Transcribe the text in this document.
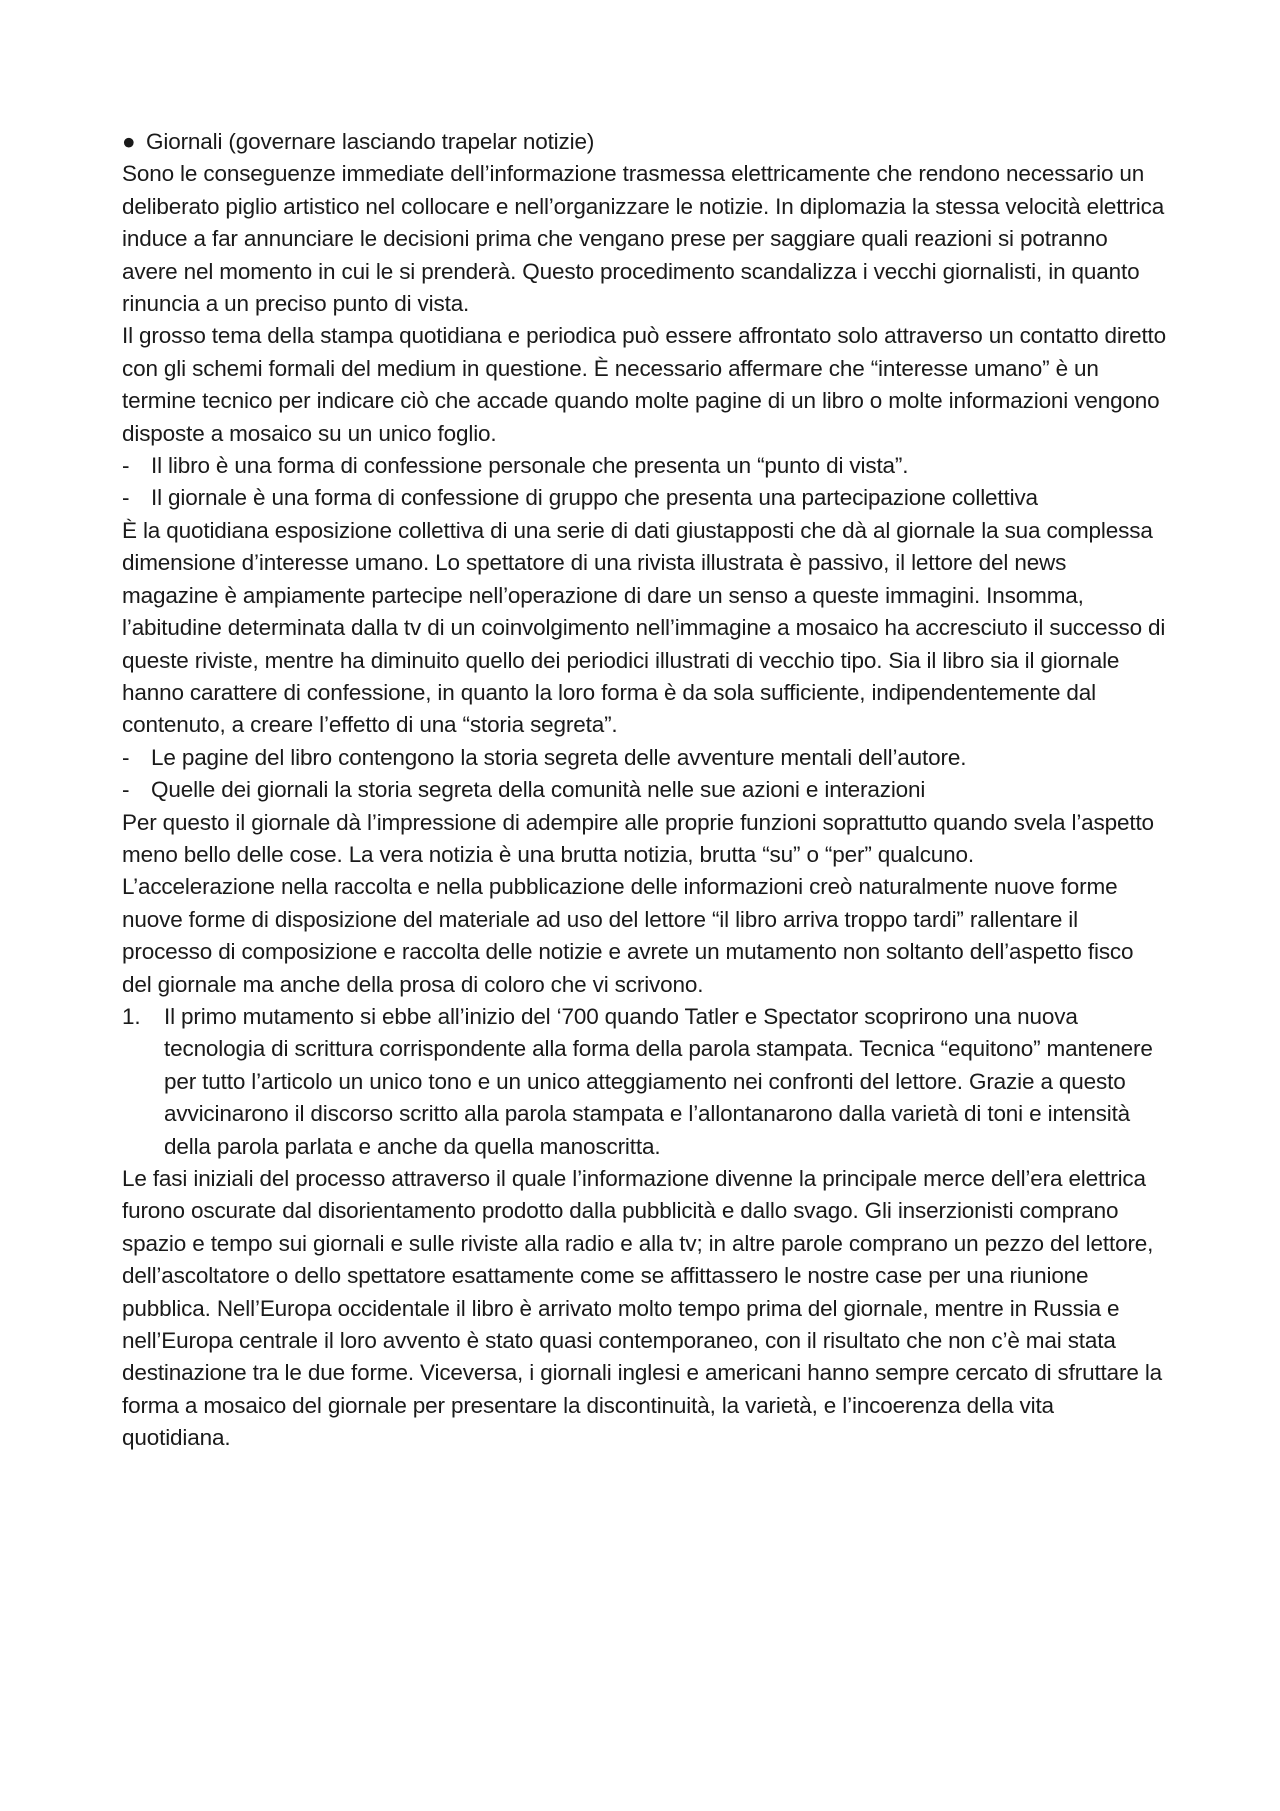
● Giornali (governare lasciando trapelar notizie)

Sono le conseguenze immediate dell’informazione trasmessa elettricamente che rendono necessario un deliberato piglio artistico nel collocare e nell’organizzare le notizie. In diplomazia la stessa velocità elettrica induce a far annunciare le decisioni prima che vengano prese per saggiare quali reazioni si potranno avere nel momento in cui le si prenderà. Questo procedimento scandalizza i vecchi giornalisti, in quanto rinuncia a un preciso punto di vista.

Il grosso tema della stampa quotidiana e periodica può essere affrontato solo attraverso un contatto diretto con gli schemi formali del medium in questione. È necessario affermare che “interesse umano” è un termine tecnico per indicare ciò che accade quando molte pagine di un libro o molte informazioni vengono disposte a mosaico su un unico foglio.

- Il libro è una forma di confessione personale che presenta un “punto di vista”.
- Il giornale è una forma di confessione di gruppo che presenta una partecipazione collettiva

È la quotidiana esposizione collettiva di una serie di dati giustapposti che dà al giornale la sua complessa dimensione d’interesse umano. Lo spettatore di una rivista illustrata è passivo, il lettore del news magazine è ampiamente partecipe nell’operazione di dare un senso a queste immagini. Insomma, l’abitudine determinata dalla tv di un coinvolgimento nell’immagine a mosaico ha accresciuto il successo di queste riviste, mentre ha diminuito quello dei periodici illustrati di vecchio tipo. Sia il libro sia il giornale hanno carattere di confessione, in quanto la loro forma è da sola sufficiente, indipendentemente dal contenuto, a creare l’effetto di una “storia segreta”.

- Le pagine del libro contengono la storia segreta delle avventure mentali dell’autore.
- Quelle dei giornali la storia segreta della comunità nelle sue azioni e interazioni

Per questo il giornale dà l’impressione di adempire alle proprie funzioni soprattutto quando svela l’aspetto meno bello delle cose. La vera notizia è una brutta notizia, brutta “su” o “per” qualcuno.

L’accelerazione nella raccolta e nella pubblicazione delle informazioni creò naturalmente nuove forme nuove forme di disposizione del materiale ad uso del lettore “il libro arriva troppo tardi” rallentare il processo di composizione e raccolta delle notizie e avrete un mutamento non soltanto dell’aspetto fisco del giornale ma anche della prosa di coloro che vi scrivono.

1.	Il primo mutamento si ebbe all’inizio del ‘700 quando Tatler e Spectator scoprirono una nuova tecnologia di scrittura corrispondente alla forma della parola stampata. Tecnica “equitono” mantenere per tutto l’articolo un unico tono e un unico atteggiamento nei confronti del lettore. Grazie a questo avvicinarono il discorso scritto alla parola stampata e l’allontanarono dalla varietà di toni e intensità della parola parlata e anche da quella manoscritta.

Le fasi iniziali del processo attraverso il quale l’informazione divenne la principale merce dell’era elettrica furono oscurate dal disorientamento prodotto dalla pubblicità e dallo svago. Gli inserzionisti comprano spazio e tempo sui giornali e sulle riviste alla radio e alla tv; in altre parole comprano un pezzo del lettore, dell’ascoltatore o dello spettatore esattamente come se affittassero le nostre case per una riunione pubblica. Nell’Europa occidentale il libro è arrivato molto tempo prima del giornale, mentre in Russia e nell’Europa centrale il loro avvento è stato quasi contemporaneo, con il risultato che non c’è mai stata destinazione tra le due forme. Viceversa, i giornali inglesi e americani hanno sempre cercato di sfruttare la forma a mosaico del giornale per presentare la discontinuità, la varietà, e l’incoerenza della vita quotidiana.
